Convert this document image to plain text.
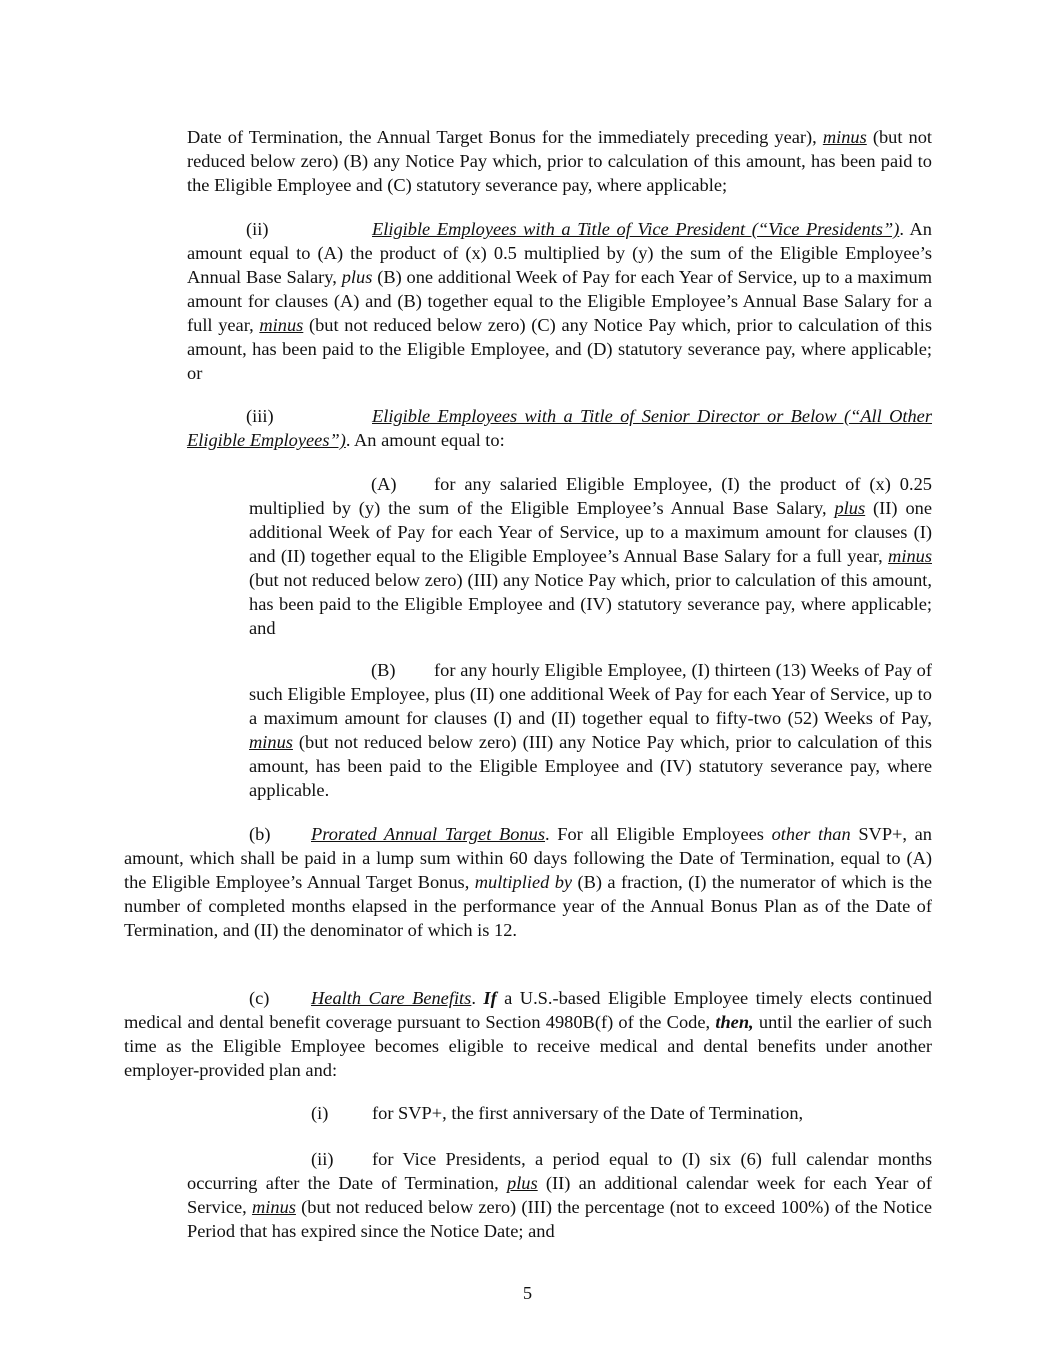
Date of Termination, the Annual Target Bonus for the immediately preceding year), minus (but not reduced below zero) (B) any Notice Pay which, prior to calculation of this amount, has been paid to the Eligible Employee and (C) statutory severance pay, where applicable;

(ii)	Eligible Employees with a Title of Vice President (“Vice Presidents”). An amount equal to (A) the product of (x) 0.5 multiplied by (y) the sum of the Eligible Employee’s Annual Base Salary, plus (B) one additional Week of Pay for each Year of Service, up to a maximum amount for clauses (A) and (B) together equal to the Eligible Employee’s Annual Base Salary for a full year, minus (but not reduced below zero) (C) any Notice Pay which, prior to calculation of this amount, has been paid to the Eligible Employee, and (D) statutory severance pay, where applicable; or

(iii)	Eligible Employees with a Title of Senior Director or Below (“All Other Eligible Employees”). An amount equal to:

(A) for any salaried Eligible Employee, (I) the product of (x) 0.25 multiplied by (y) the sum of the Eligible Employee’s Annual Base Salary, plus (II) one additional Week of Pay for each Year of Service, up to a maximum amount for clauses (I) and (II) together equal to the Eligible Employee’s Annual Base Salary for a full year, minus (but not reduced below zero) (III) any Notice Pay which, prior to calculation of this amount, has been paid to the Eligible Employee and (IV) statutory severance pay, where applicable; and

(B) for any hourly Eligible Employee, (I) thirteen (13) Weeks of Pay of such Eligible Employee, plus (II) one additional Week of Pay for each Year of Service, up to a maximum amount for clauses (I) and (II) together equal to fifty-two (52) Weeks of Pay, minus (but not reduced below zero) (III) any Notice Pay which, prior to calculation of this amount, has been paid to the Eligible Employee and (IV) statutory severance pay, where applicable.

(b) Prorated Annual Target Bonus. For all Eligible Employees other than SVP+, an amount, which shall be paid in a lump sum within 60 days following the Date of Termination, equal to (A) the Eligible Employee’s Annual Target Bonus, multiplied by (B) a fraction, (I) the numerator of which is the number of completed months elapsed in the performance year of the Annual Bonus Plan as of the Date of Termination, and (II) the denominator of which is 12.

(c) Health Care Benefits. If a U.S.-based Eligible Employee timely elects continued medical and dental benefit coverage pursuant to Section 4980B(f) of the Code, then, until the earlier of such time as the Eligible Employee becomes eligible to receive medical and dental benefits under another employer-provided plan and:

(i) for SVP+, the first anniversary of the Date of Termination,

(ii) for Vice Presidents, a period equal to (I) six (6) full calendar months occurring after the Date of Termination, plus (II) an additional calendar week for each Year of Service, minus (but not reduced below zero) (III) the percentage (not to exceed 100%) of the Notice Period that has expired since the Notice Date; and

5
